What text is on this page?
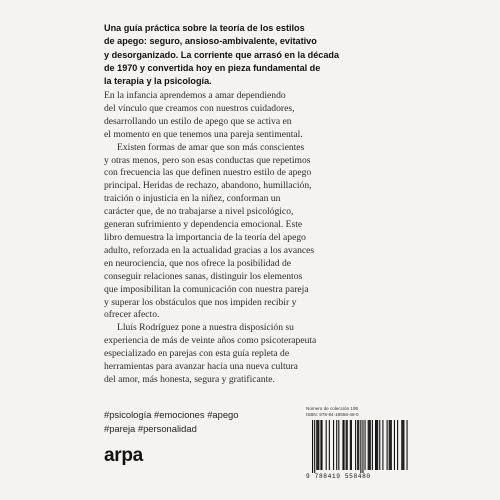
Una guía práctica sobre la teoría de los estilos
de apego: seguro, ansioso-ambivalente, evitativo
y desorganizado. La corriente que arrasó en la década
de 1970 y convertida hoy en pieza fundamental de
la terapia y la psicología.

En la infancia aprendemos a amar dependiendo
del vínculo que creamos con nuestros cuidadores,
desarrollando un estilo de apego que se activa en
el momento en que tenemos una pareja sentimental.

Existen formas de amar que son más conscientes
y otras menos, pero son esas conductas que repetimos
con frecuencia las que definen nuestro estilo de apego
principal. Heridas de rechazo, abandono, humillación,
traición o injusticia en la niñez, conforman un
carácter que, de no trabajarse a nivel psicológico,
generan sufrimiento y dependencia emocional. Este
libro demuestra la importancia de la teoría del apego
adulto, reforzada en la actualidad gracias a los avances
en neurociencia, que nos ofrece la posibilidad de
conseguir relaciones sanas, distinguir los elementos
que imposibilitan la comunicación con nuestra pareja
y superar los obstáculos que nos impiden recibir y
ofrecer afecto.

Lluís Rodríguez pone a nuestra disposición su
experiencia de más de veinte años como psicoterapeuta
especializado en parejas con esta guía repleta de
herramientas para avanzar hacia una nueva cultura
del amor, más honesta, segura y gratificante.

#psicología #emociones #apego
#pareja #personalidad
arpa
Número de colección 195
ISBN: 978-84-19558-48-0
9 788419 558480
